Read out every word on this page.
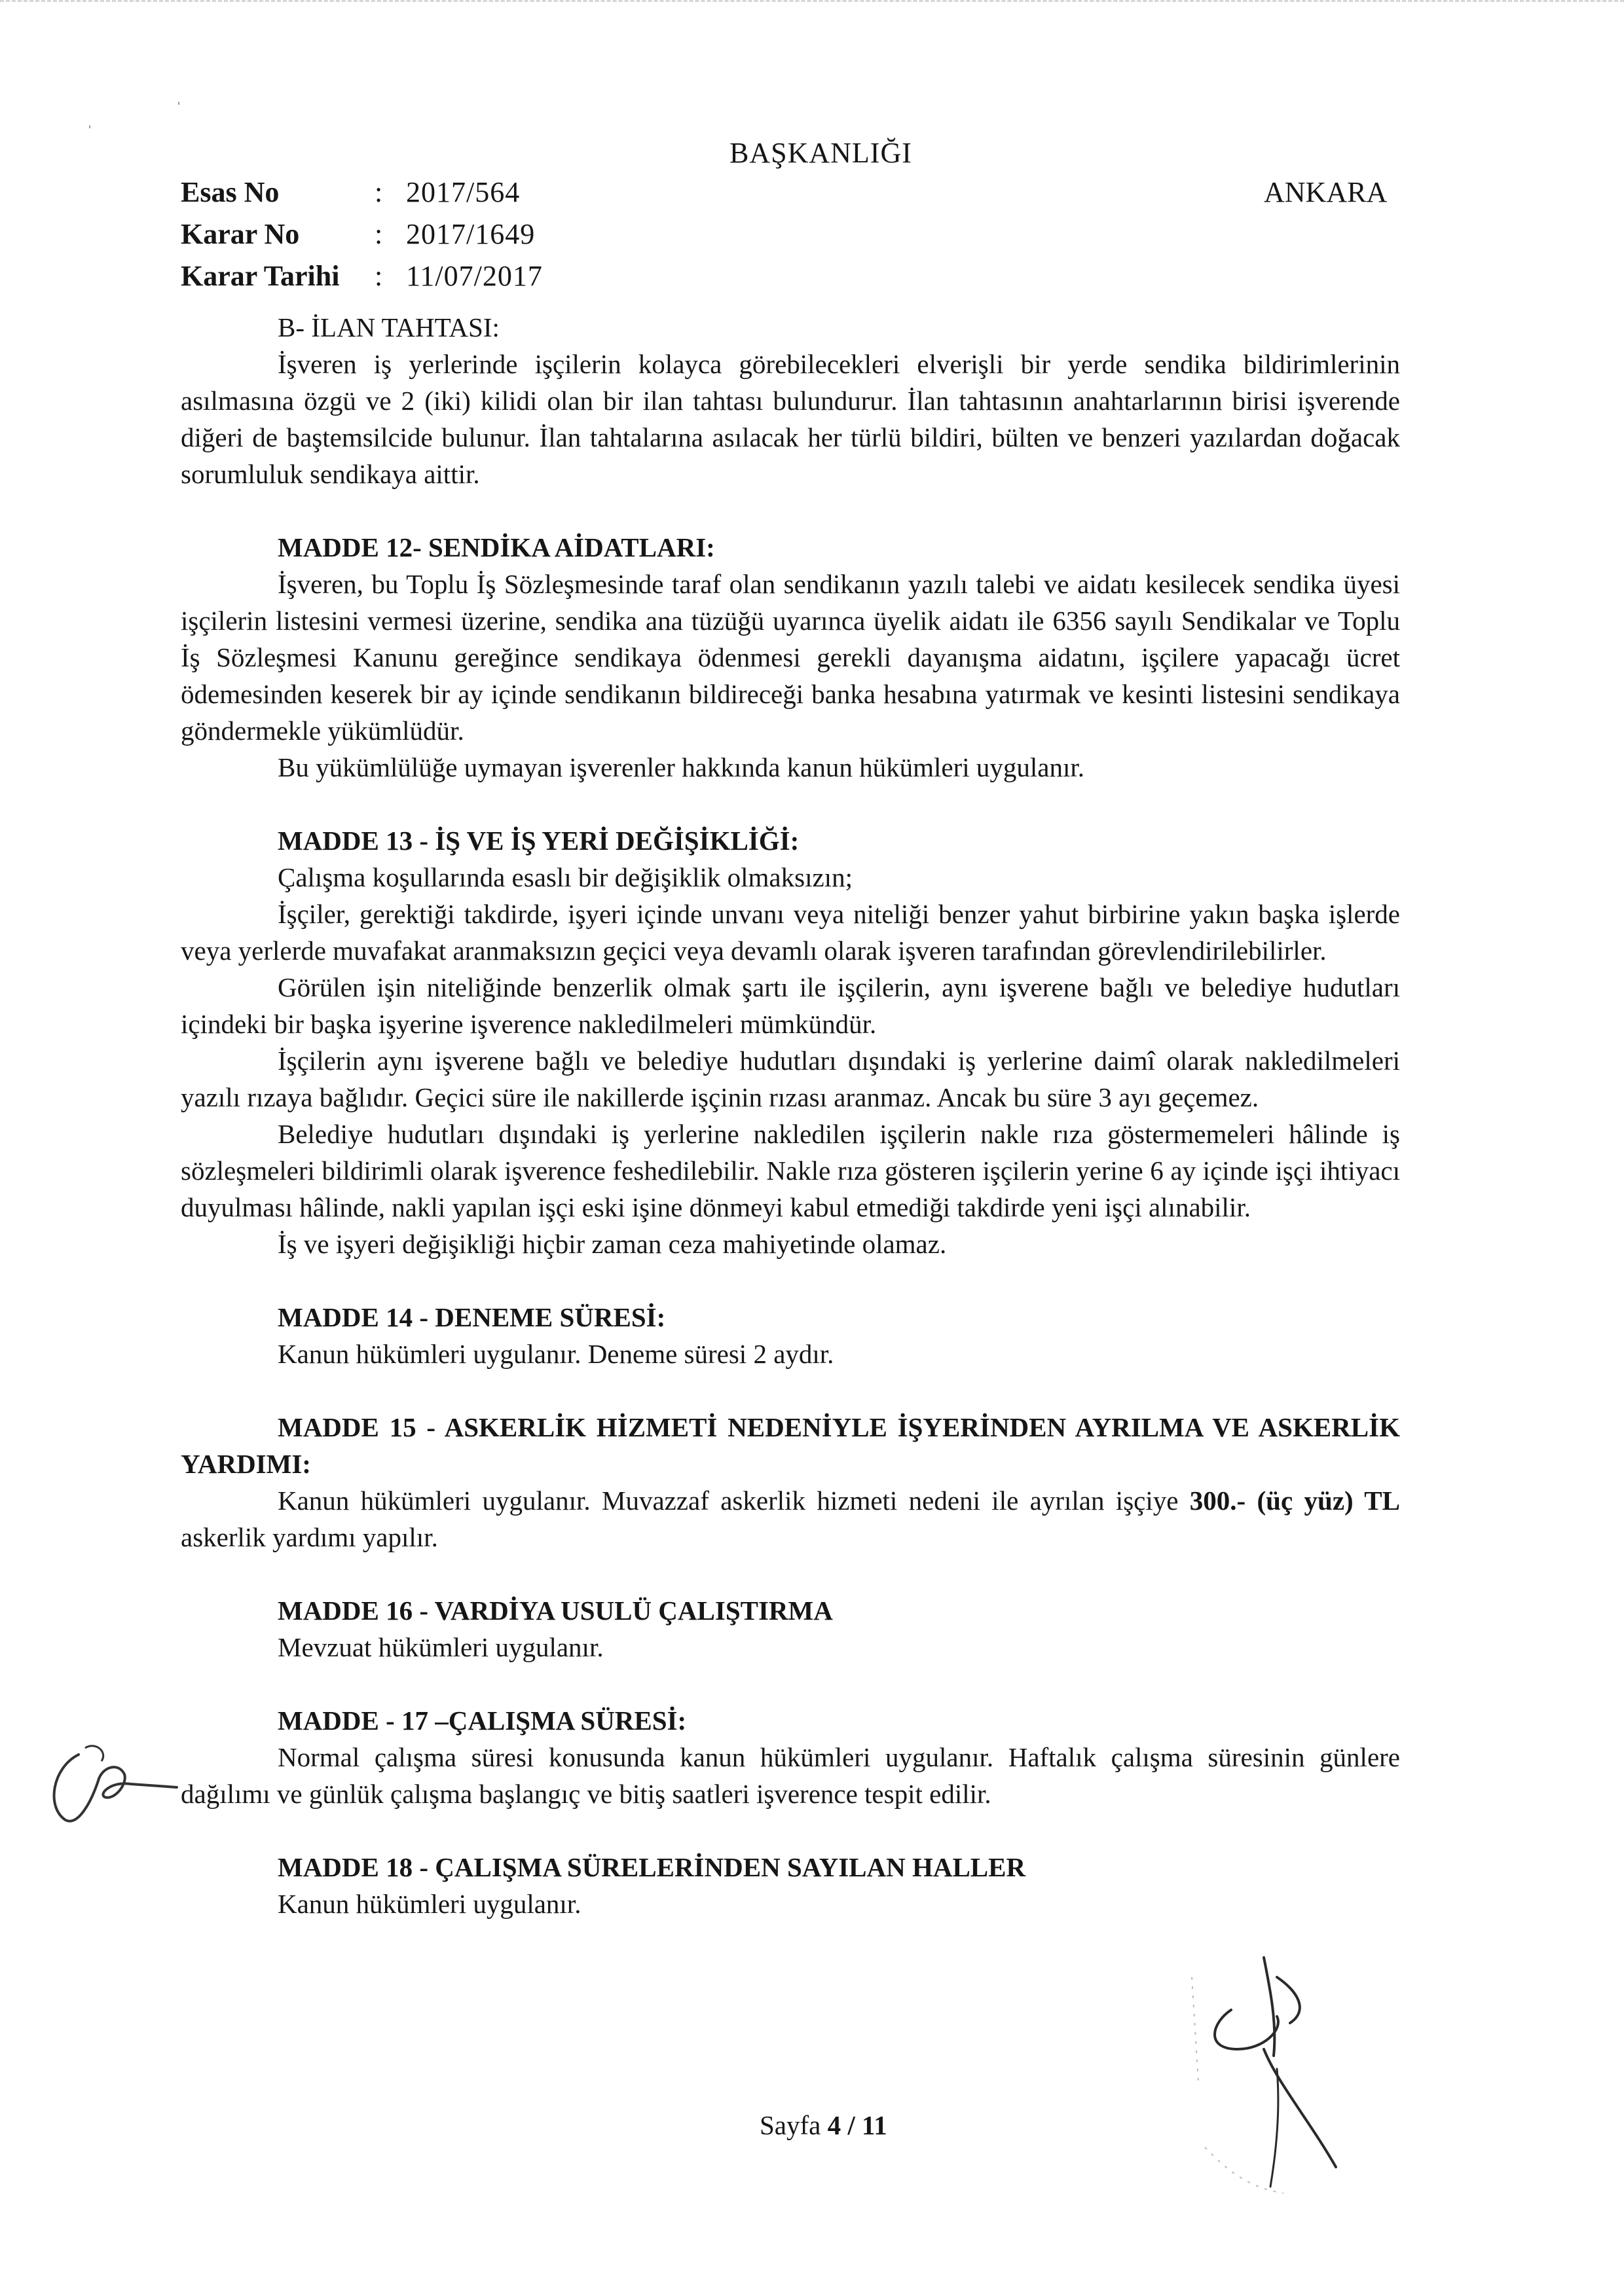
ˈ
ˈ
BAŞKANLIĞI
ANKARA
Esas No	: 2017/564
Karar No	: 2017/1649
Karar Tarihi	: 11/07/2017

B- İLAN TAHTASI:

İşveren iş yerlerinde işçilerin kolayca görebilecekleri elverişli bir yerde sendika bildirimlerinin asılmasına özgü ve 2 (iki) kilidi olan bir ilan tahtası bulundurur. İlan tahtasının anahtarlarının birisi işverende diğeri de baştemsilcide bulunur. İlan tahtalarına asılacak her türlü bildiri, bülten ve benzeri yazılardan doğacak sorumluluk sendikaya aittir.

MADDE 12- SENDİKA AİDATLARI:

İşveren, bu Toplu İş Sözleşmesinde taraf olan sendikanın yazılı talebi ve aidatı kesilecek sendika üyesi işçilerin listesini vermesi üzerine, sendika ana tüzüğü uyarınca üyelik aidatı ile 6356 sayılı Sendikalar ve Toplu İş Sözleşmesi Kanunu gereğince sendikaya ödenmesi gerekli dayanışma aidatını, işçilere yapacağı ücret ödemesinden keserek bir ay içinde sendikanın bildireceği banka hesabına yatırmak ve kesinti listesini sendikaya göndermekle yükümlüdür.

Bu yükümlülüğe uymayan işverenler hakkında kanun hükümleri uygulanır.

MADDE 13 - İŞ VE İŞ YERİ DEĞİŞİKLİĞİ:

Çalışma koşullarında esaslı bir değişiklik olmaksızın;

İşçiler, gerektiği takdirde, işyeri içinde unvanı veya niteliği benzer yahut birbirine yakın başka işlerde veya yerlerde muvafakat aranmaksızın geçici veya devamlı olarak işveren tarafından görevlendirilebilirler.

Görülen işin niteliğinde benzerlik olmak şartı ile işçilerin, aynı işverene bağlı ve belediye hudutları içindeki bir başka işyerine işverence nakledilmeleri mümkündür.

İşçilerin aynı işverene bağlı ve belediye hudutları dışındaki iş yerlerine daimî olarak nakledilmeleri yazılı rızaya bağlıdır. Geçici süre ile nakillerde işçinin rızası aranmaz. Ancak bu süre 3 ayı geçemez.

Belediye hudutları dışındaki iş yerlerine nakledilen işçilerin nakle rıza göstermemeleri hâlinde iş sözleşmeleri bildirimli olarak işverence feshedilebilir. Nakle rıza gösteren işçilerin yerine 6 ay içinde işçi ihtiyacı duyulması hâlinde, nakli yapılan işçi eski işine dönmeyi kabul etmediği takdirde yeni işçi alınabilir.

İş ve işyeri değişikliği hiçbir zaman ceza mahiyetinde olamaz.

MADDE 14 - DENEME SÜRESİ:

Kanun hükümleri uygulanır. Deneme süresi 2 aydır.

MADDE 15 - ASKERLİK HİZMETİ NEDENİYLE İŞYERİNDEN AYRILMA VE ASKERLİK YARDIMI:

Kanun hükümleri uygulanır. Muvazzaf askerlik hizmeti nedeni ile ayrılan işçiye 300.- (üç yüz) TL askerlik yardımı yapılır.

MADDE 16 - VARDİYA USULÜ ÇALIŞTIRMA

Mevzuat hükümleri uygulanır.

MADDE - 17 –ÇALIŞMA SÜRESİ:

Normal çalışma süresi konusunda kanun hükümleri uygulanır. Haftalık çalışma süresinin günlere dağılımı ve günlük çalışma başlangıç ve bitiş saatleri işverence tespit edilir.

MADDE 18 - ÇALIŞMA SÜRELERİNDEN SAYILAN HALLER

Kanun hükümleri uygulanır.

Sayfa 4 / 11
